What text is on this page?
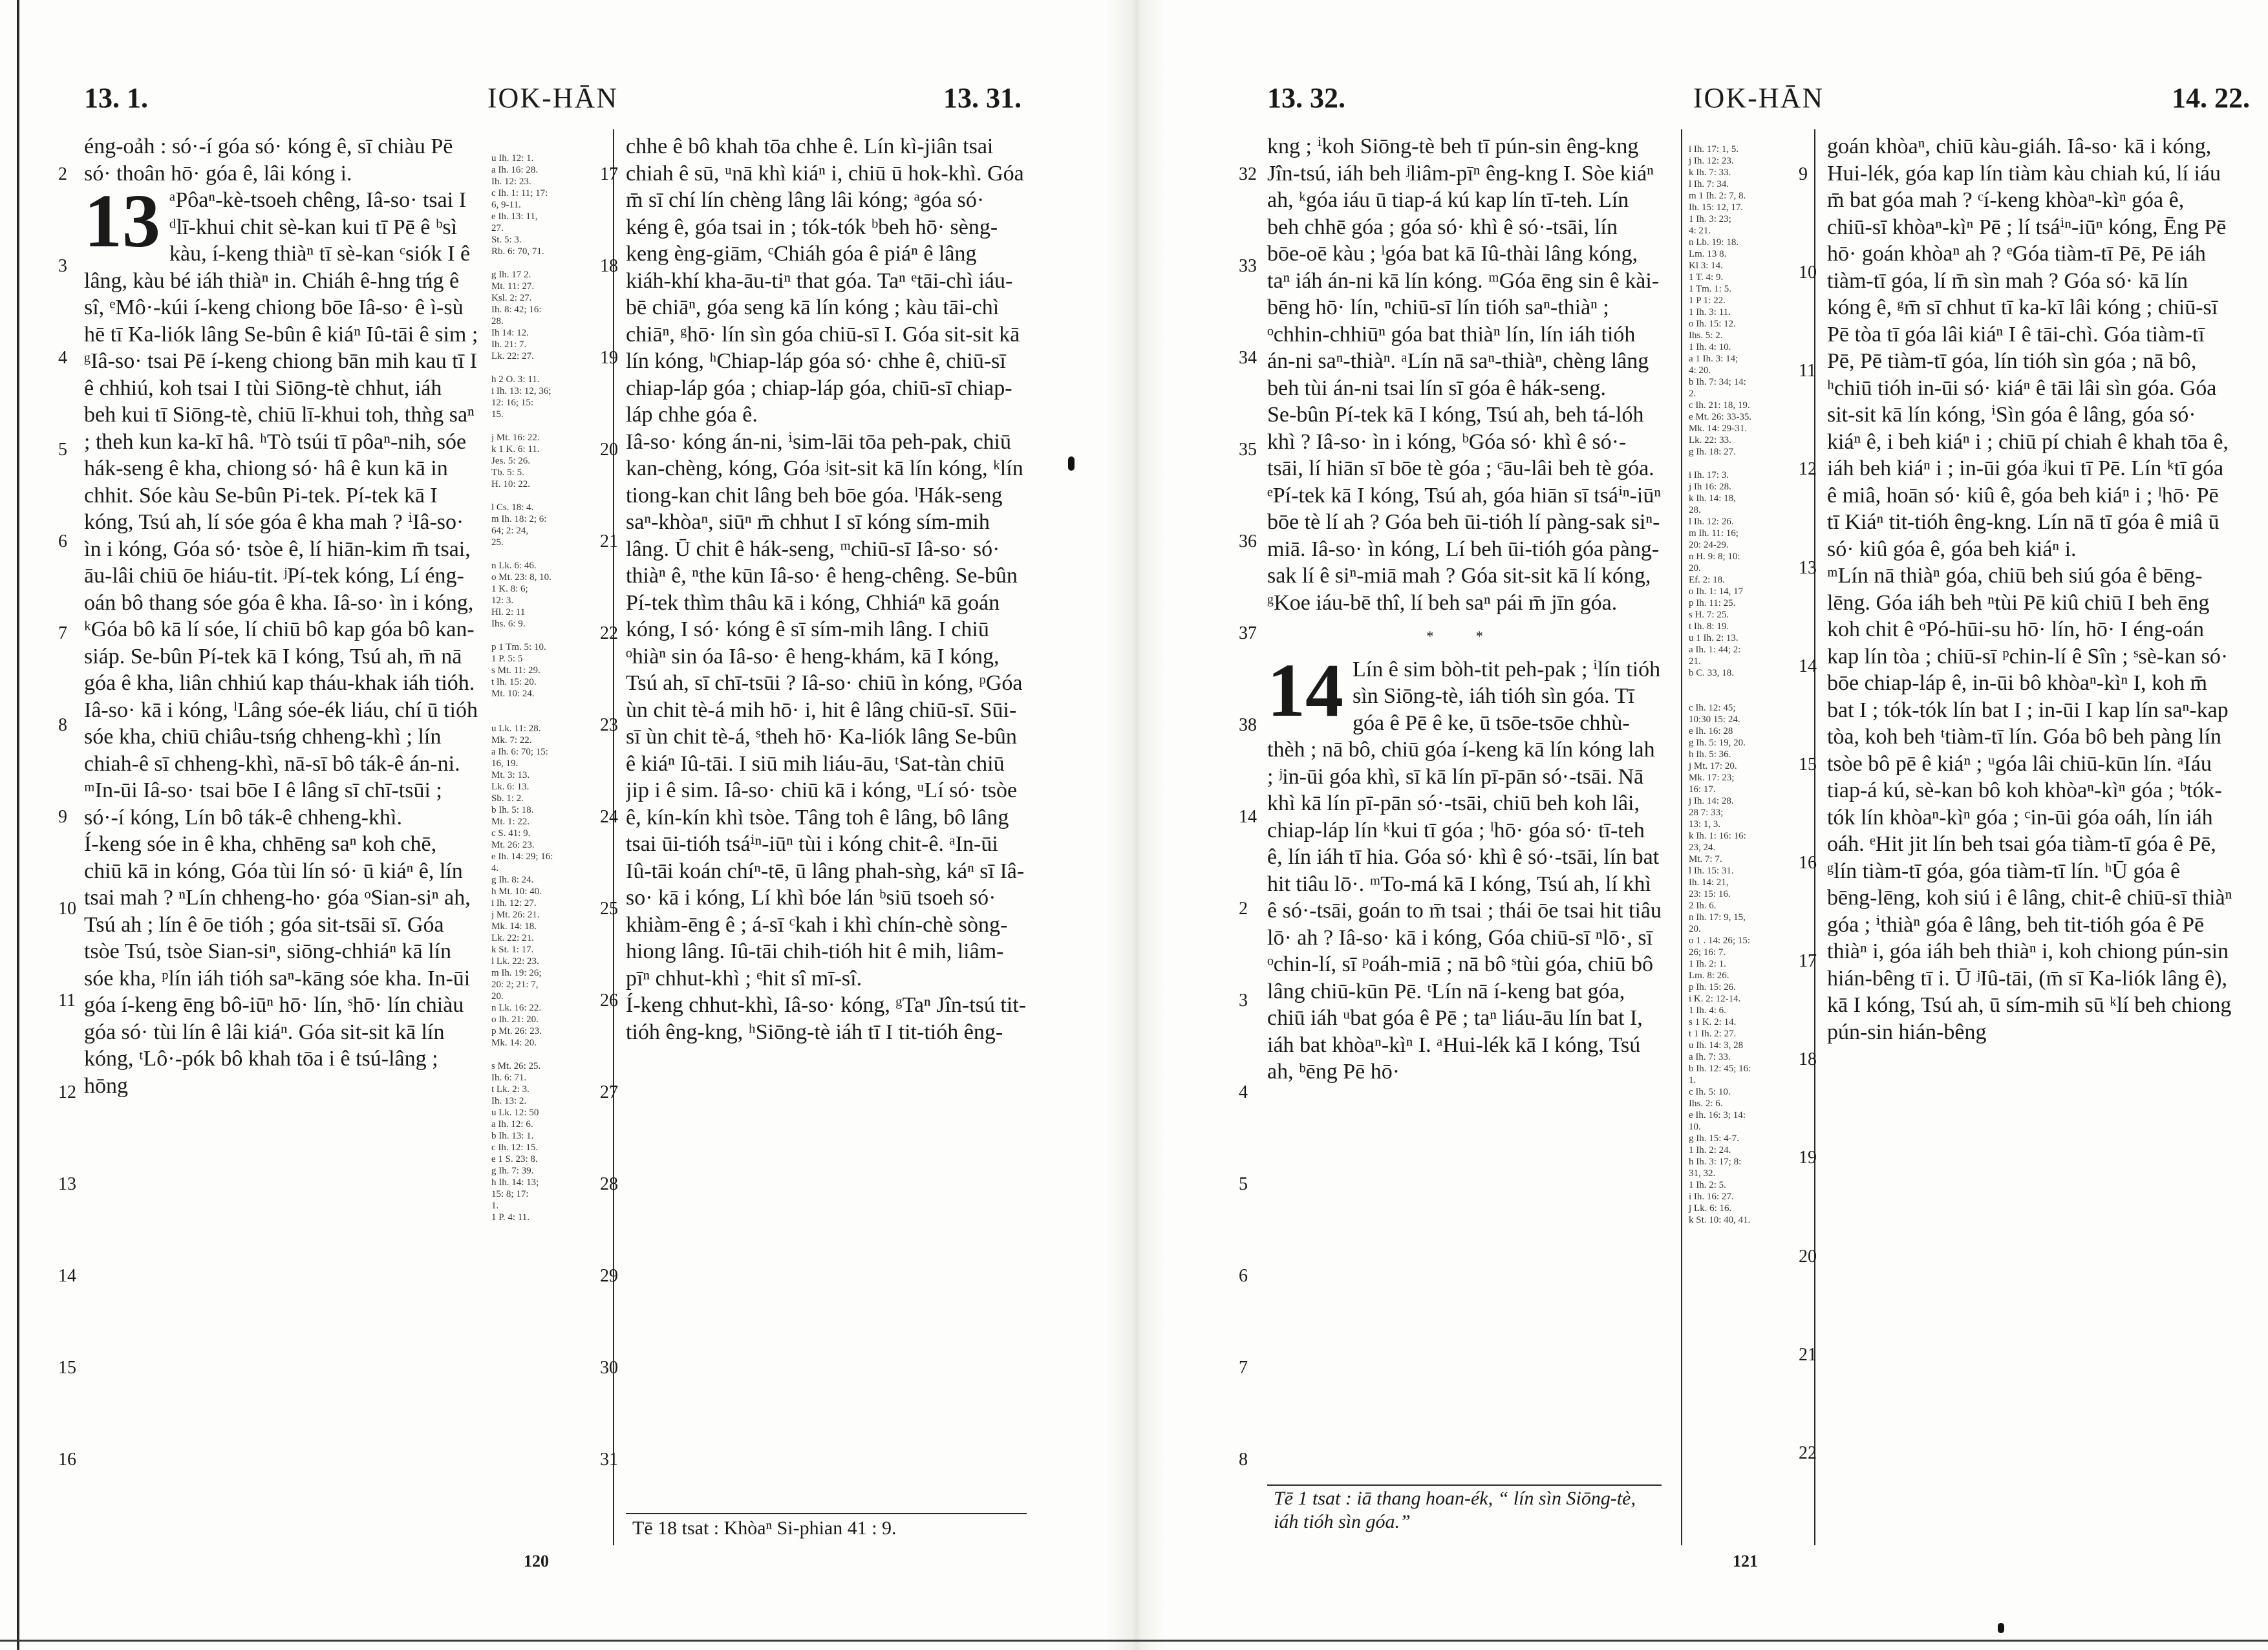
13. 1.	IOK-HĀN	13. 31.

éng-oảh : só·-í góa só· kóng ê, sī chiàu Pē só· thoân hō· góa ê, lâi kóng i.

13 ᵃPôaⁿ-kè-tsoeh chêng, Iâ-so· tsai I ᵈlī-khui chit sè-kan kui tī Pē ê ᵇsì kàu, í-keng thiàⁿ tī sè-kan ᶜsiók I ê lâng, kàu bé iáh thiàⁿ in. Chiáh ê-hng tńg ê sî, ᵉMô·-kúi í-keng chiong bōe Iâ-so· ê ì-sù hē tī Ka-liók lâng Se-bûn ê kiáⁿ Iû-tāi ê sim ; ᵍIâ-so· tsai Pē í-keng chiong bān mih kau tī I ê chhiú, koh tsai I tùi Siōng-tè chhut, iáh beh kui tī Siōng-tè, chiū lī-khui toh, thǹg saⁿ ; theh kun ka-kī hâ. ʰTò tsúi tī pôaⁿ-nih, sóe hák-seng ê kha, chiong só· hâ ê kun kā in chhit. Sóe kàu Se-bûn Pi-tek. Pí-tek kā I kóng, Tsú ah, lí sóe góa ê kha mah ? ⁱIâ-so· ìn i kóng, Góa só· tsòe ê, lí hiān-kim m̄ tsai, āu-lâi chiū ōe hiáu-tit. ʲPí-tek kóng, Lí éng-oán bô thang sóe góa ê kha. Iâ-so· ìn i kóng, ᵏGóa bô kā lí sóe, lí chiū bô kap góa bô kan-siáp. Se-bûn Pí-tek kā I kóng, Tsú ah, m̄ nā góa ê kha, liân chhiú kap tháu-khak iáh tióh. Iâ-so· kā i kóng, ˡLâng sóe-ék liáu, chí ū tióh sóe kha, chiū chiâu-tsńg chheng-khì ; lín chiah-ê sī chheng-khì, nā-sī bô ták-ê án-ni. ᵐIn-ūi Iâ-so· tsai bōe I ê lâng sī chī-tsūi ; só·-í kóng, Lín bô ták-ê chheng-khì.

Í-keng sóe in ê kha, chhēng saⁿ koh chē, chiū kā in kóng, Góa tùi lín só· ū kiáⁿ ê, lín tsai mah ? ⁿLín chheng-ho· góa ᵒSian-siⁿ ah, Tsú ah ; lín ê ōe tióh ; góa sit-tsāi sī. Góa tsòe Tsú, tsòe Sian-siⁿ, siōng-chhiáⁿ kā lín sóe kha, ᵖlín iáh tióh saⁿ-kāng sóe kha. In-ūi góa í-keng ēng bô-iūⁿ hō· lín, ˢhō· lín chiàu góa só· tùi lín ê lâi kiáⁿ. Góa sit-sit kā lín kóng, ᵗLô·-pók bô khah tōa i ê tsú-lâng ; hōng

u Ih. 12: 1.
a Ih. 16: 28.
Ih. 12: 23.
c Ih. 1: 11; 17:
6, 9-11.
e Ih. 13: 11,
27.
St. 5: 3.
Rb. 6: 70, 71.

g Ih. 17 2.
Mt. 11: 27.
Ksl. 2: 27.
Ih. 8: 42; 16:
28.
Ih 14: 12.
Ih. 21: 7.
Lk. 22: 27.

h 2 O. 3: 11.
i Ih. 13: 12, 36;
12: 16; 15:
15.

j Mt. 16: 22.
k 1 K. 6: 11.
Jes. 5: 26.
Tb. 5: 5.
H. 10: 22.

l Cs. 18: 4.
m Ih. 18: 2; 6:
64; 2: 24,
25.

n Lk. 6: 46.
o Mt. 23: 8, 10.
1 K. 8: 6;
12: 3.
Hl. 2: 11
Ihs. 6: 9.

p 1 Tm. 5: 10.
1 P. 5: 5
s Mt. 11: 29.
t Ih. 15: 20.
Mt. 10: 24.

u Lk. 11: 28.
Mk. 7: 22.
a Ih. 6: 70; 15:
16, 19.
Mt. 3: 13.
Lk. 6: 13.
Sb. 1: 2.
b Ih. 5: 18.
Mt. 1: 22.
c S. 41: 9.
Mt. 26: 23.
e Ih. 14: 29; 16:
4.
g Ih. 8: 24.
h Mt. 10: 40.
i Ih. 12: 27.
j Mt. 26: 21.
Mk. 14: 18.
Lk. 22: 21.
k St. 1: 17.
l Lk. 22: 23.
m Ih. 19: 26;
20: 2; 21: 7,
20.
n Lk. 16: 22.
o Ih. 21: 20.
p Mt. 26: 23.
Mk. 14: 20.

s Mt. 26: 25.
Ih. 6: 71.
t Lk. 2: 3.
Ih. 13: 2.
u Lk. 12: 50
a Ih. 12: 6.
b Ih. 13: 1.
c Ih. 12: 15.
e 1 S. 23: 8.
g Ih. 7: 39.
h Ih. 14: 13;
15: 8; 17:
1.
1 P. 4: 11.

chhe ê bô khah tōa chhe ê. Lín kì-jiân tsai chiah ê sū, ᵘnā khì kiáⁿ i, chiū ū hok-khì. Góa m̄ sī chí lín chèng lâng lâi kóng; ᵃgóa só· kéng ê, góa tsai in ; tók-tók ᵇbeh hō· sèng-keng èng-giām, ᶜChiáh góa ê piáⁿ ê lâng kiáh-khí kha-āu-tiⁿ that góa. Taⁿ ᵉtāi-chì iáu-bē chiāⁿ, góa seng kā lín kóng ; kàu tāi-chì chiāⁿ, ᵍhō· lín sìn góa chiū-sī I. Góa sit-sit kā lín kóng, ʰChiap-láp góa só· chhe ê, chiū-sī chiap-láp góa ; chiap-láp góa, chiū-sī chiap-láp chhe góa ê.

Iâ-so· kóng án-ni, ⁱsim-lāi tōa peh-pak, chiū kan-chèng, kóng, Góa ʲsit-sit kā lín kóng, ᵏlín tiong-kan chit lâng beh bōe góa. ˡHák-seng saⁿ-khòaⁿ, siūⁿ m̄ chhut I sī kóng sím-mih lâng. Ū chit ê hák-seng, ᵐchiū-sī Iâ-so· só· thiàⁿ ê, ⁿthe kūn Iâ-so· ê heng-chêng. Se-bûn Pí-tek thìm thâu kā i kóng, Chhiáⁿ kā goán kóng, I só· kóng ê sī sím-mih lâng. I chiū ᵒhiàⁿ sin óa Iâ-so· ê heng-khám, kā I kóng, Tsú ah, sī chī-tsūi ? Iâ-so· chiū ìn kóng, ᵖGóa ùn chit tè-á mih hō· i, hit ê lâng chiū-sī. Sūi-sī ùn chit tè-á, ˢtheh hō· Ka-liók lâng Se-bûn ê kiáⁿ Iû-tāi. I siū mih liáu-āu, ᵗSat-tàn chiū jip i ê sim. Iâ-so· chiū kā i kóng, ᵘLí só· tsòe ê, kín-kín khì tsòe. Tâng toh ê lâng, bô lâng tsai ūi-tióh tsáⁱⁿ-iūⁿ tùi i kóng chit-ê. ᵃIn-ūi Iû-tāi koán chíⁿ-tē, ū lâng phah-sǹg, káⁿ sī Iâ-so· kā i kóng, Lí khì bóe lán ᵇsiū tsoeh só· khiàm-ēng ê ; á-sī ᶜkah i khì chín-chè sòng-hiong lâng. Iû-tāi chih-tióh hit ê mih, liâm-pīⁿ chhut-khì ; ᵉhit sî mī-sî.

Í-keng chhut-khì, Iâ-so· kóng, ᵍTaⁿ Jîn-tsú tit-tióh êng-kng, ʰSiōng-tè iáh tī I tit-tióh êng-

Tē 18 tsat : Khòaⁿ Si-phian 41 : 9.
120
2
3
4
5
6
7
8
9
10
11
12
13
14
15
16
17
18
19
20
21
22
23
24
25
26
27
28
29
30
31
13. 32.	IOK-HĀN	14. 22.

kng ; ⁱkoh Siōng-tè beh tī pún-sin êng-kng Jîn-tsú, iáh beh ʲliâm-pīⁿ êng-kng I. Sòe kiáⁿ ah, ᵏgóa iáu ū tiap-á kú kap lín tī-teh. Lín beh chhē góa ; góa só· khì ê só·-tsāi, lín bōe-oē kàu ; ˡgóa bat kā Iû-thài lâng kóng, taⁿ iáh án-ni kā lín kóng. ᵐGóa ēng sin ê kài-bēng hō· lín, ⁿchiū-sī lín tióh saⁿ-thiàⁿ ; ᵒchhin-chhiūⁿ góa bat thiàⁿ lín, lín iáh tióh án-ni saⁿ-thiàⁿ. ᵃLín nā saⁿ-thiàⁿ, chèng lâng beh tùi án-ni tsai lín sī góa ê hák-seng.

Se-bûn Pí-tek kā I kóng, Tsú ah, beh tá-lóh khì ? Iâ-so· ìn i kóng, ᵇGóa só· khì ê só·-tsāi, lí hiān sī bōe tè góa ; ᶜāu-lâi beh tè góa. ᵉPí-tek kā I kóng, Tsú ah, góa hiān sī tsáⁱⁿ-iūⁿ bōe tè lí ah ? Góa beh ūi-tióh lí pàng-sak siⁿ-miā. Iâ-so· ìn kóng, Lí beh ūi-tióh góa pàng-sak lí ê siⁿ-miā mah ? Góa sit-sit kā lí kóng, ᵍKoe iáu-bē thî, lí beh saⁿ pái m̄ jīn góa.

* *
14 Lín ê sim bòh-tit peh-pak ; ⁱlín tióh sìn Siōng-tè, iáh tióh sìn góa. Tī góa ê Pē ê ke, ū tsōe-tsōe chhù-thèh ; nā bô, chiū góa í-keng kā lín kóng lah ; ʲin-ūi góa khì, sī kā lín pī-pān só·-tsāi. Nā khì kā lín pī-pān só·-tsāi, chiū beh koh lâi, chiap-láp lín ᵏkui tī góa ; ˡhō· góa só· tī-teh ê, lín iáh tī hia. Góa só· khì ê só·-tsāi, lín bat hit tiâu lō·. ᵐTo-má kā I kóng, Tsú ah, lí khì ê só·-tsāi, goán to m̄ tsai ; thái ōe tsai hit tiâu lō· ah ? Iâ-so· kā i kóng, Góa chiū-sī ⁿlō·, sī ᵒchin-lí, sī ᵖoáh-miā ; nā bô ˢtùi góa, chiū bô lâng chiū-kūn Pē. ᵗLín nā í-keng bat góa, chiū iáh ᵘbat góa ê Pē ; taⁿ liáu-āu lín bat I, iáh bat khòaⁿ-kìⁿ I. ᵃHui-lék kā I kóng, Tsú ah, ᵇēng Pē hō·

Tē 1 tsat : iā thang hoan-ék, “ lín sìn Siōng-tè, iáh tióh sìn góa.”
i Ih. 17: 1, 5.
j Ih. 12: 23.
k Ih. 7: 33.
l Ih. 7: 34.
m 1 Ih. 2: 7, 8.
Ih. 15: 12, 17.
1 Ih. 3: 23;
4: 21.
n Lb. 19: 18.
Lm. 13 8.
Kl 3: 14.
1 T. 4: 9.
1 Tm. 1: 5.
1 P 1: 22.
1 Ih. 3: 11.
o Ih. 15: 12.
Ihs. 5: 2.
1 Ih. 4: 10.
a 1 Ih. 3: 14;
4: 20.
b Ih. 7: 34; 14:
2.
c Ih. 21: 18, 19.
e Mt. 26: 33-35.
Mk. 14: 29-31.
Lk. 22: 33.
g Ih. 18: 27.

i Ih. 17: 3.
j Ih 16: 28.
k Ih. 14: 18,
28.
l Ih. 12: 26.
m Ih. 11: 16;
20: 24-29.
n H. 9: 8; 10:
20.
Ef. 2: 18.
o Ih. 1: 14, 17
p Ih. 11: 25.
s H. 7: 25.
t Ih. 8: 19.
u 1 Ih. 2: 13.
a Ih. 1: 44; 2:
21.
b C. 33, 18.

c Ih. 12: 45;
10:30 15: 24.
e Ih. 16: 28
g Ih. 5: 19, 20.
h Ih. 5: 36.
j Mt. 17: 20.
Mk. 17: 23;
16: 17.
j Ih. 14: 28.
28 7: 33;
13: 1, 3.
k Ih. 1: 16: 16:
23, 24.
Mt. 7: 7.
l Ih. 15: 31.
Ih. 14: 21,
23: 15: 16.
2 Ih. 6.
n Ih. 17: 9, 15,
20.
o 1 . 14: 26; 15:
26; 16: 7.
1 Ih. 2: 1.
Lm. 8: 26.
p Ih. 15: 26.
i K. 2: 12-14.
1 Ih. 4: 6.
s 1 K. 2: 14.
t 1 Ih. 2: 27.
u Ih. 14: 3, 28
a Ih. 7: 33.
b Ih. 12: 45; 16:
1.
c Ih. 5: 10.
Ihs. 2: 6.
e Ih. 16: 3; 14:
10.
g Ih. 15: 4-7.
1 Ih. 2: 24.
h Ih. 3: 17; 8:
31, 32.
1 Ih. 2: 5.
i Ih. 16: 27.
j Lk. 6: 16.
k St. 10: 40, 41.

goán khòaⁿ, chiū kàu-giáh. Iâ-so· kā i kóng, Hui-lék, góa kap lín tiàm kàu chiah kú, lí iáu m̄ bat góa mah ? ᶜí-keng khòaⁿ-kìⁿ góa ê, chiū-sī khòaⁿ-kìⁿ Pē ; lí tsáⁱⁿ-iūⁿ kóng, Ēng Pē hō· goán khòaⁿ ah ? ᵉGóa tiàm-tī Pē, Pē iáh tiàm-tī góa, lí m̄ sìn mah ? Góa só· kā lín kóng ê, ᵍm̄ sī chhut tī ka-kī lâi kóng ; chiū-sī Pē tòa tī góa lâi kiáⁿ I ê tāi-chì. Góa tiàm-tī Pē, Pē tiàm-tī góa, lín tióh sìn góa ; nā bô, ʰchiū tióh in-ūi só· kiáⁿ ê tāi lâi sìn góa. Góa sit-sit kā lín kóng, ⁱSìn góa ê lâng, góa só· kiáⁿ ê, i beh kiáⁿ i ; chiū pí chiah ê khah tōa ê, iáh beh kiáⁿ i ; in-ūi góa ʲkui tī Pē. Lín ᵏtī góa ê miâ, hoān só· kiû ê, góa beh kiáⁿ i ; ˡhō· Pē tī Kiáⁿ tit-tióh êng-kng. Lín nā tī góa ê miâ ū só· kiû góa ê, góa beh kiáⁿ i.

ᵐLín nā thiàⁿ góa, chiū beh siú góa ê bēng-lēng. Góa iáh beh ⁿtùi Pē kiû chiū I beh ēng koh chit ê ᵒPó-hūi-su hō· lín, hō· I éng-oán kap lín tòa ; chiū-sī ᵖchin-lí ê Sîn ; ˢsè-kan só· bōe chiap-láp ê, in-ūi bô khòaⁿ-kìⁿ I, koh m̄ bat I ; tók-tók lín bat I ; in-ūi I kap lín saⁿ-kap tòa, koh beh ᵗtiàm-tī lín. Góa bô beh pàng lín tsòe bô pē ê kiáⁿ ; ᵘgóa lâi chiū-kūn lín. ᵃIáu tiap-á kú, sè-kan bô koh khòaⁿ-kìⁿ góa ; ᵇtók-tók lín khòaⁿ-kìⁿ góa ; ᶜin-ūi góa oáh, lín iáh oáh. ᵉHit jit lín beh tsai góa tiàm-tī góa ê Pē, ᵍlín tiàm-tī góa, góa tiàm-tī lín. ʰŪ góa ê bēng-lēng, koh siú i ê lâng, chit-ê chiū-sī thiàⁿ góa ; ⁱthiàⁿ góa ê lâng, beh tit-tióh góa ê Pē thiàⁿ i, góa iáh beh thiàⁿ i, koh chiong pún-sin hián-bêng tī i. Ū ʲIû-tāi, (m̄ sī Ka-liók lâng ê), kā I kóng, Tsú ah, ū sím-mih sū ᵏlí beh chiong pún-sin hián-bêng

121
32
33
34
35
36
37
38
14
2
3
4
5
6
7
8
9
10
11
12
13
14
15
16
17
18
19
20
21
22
